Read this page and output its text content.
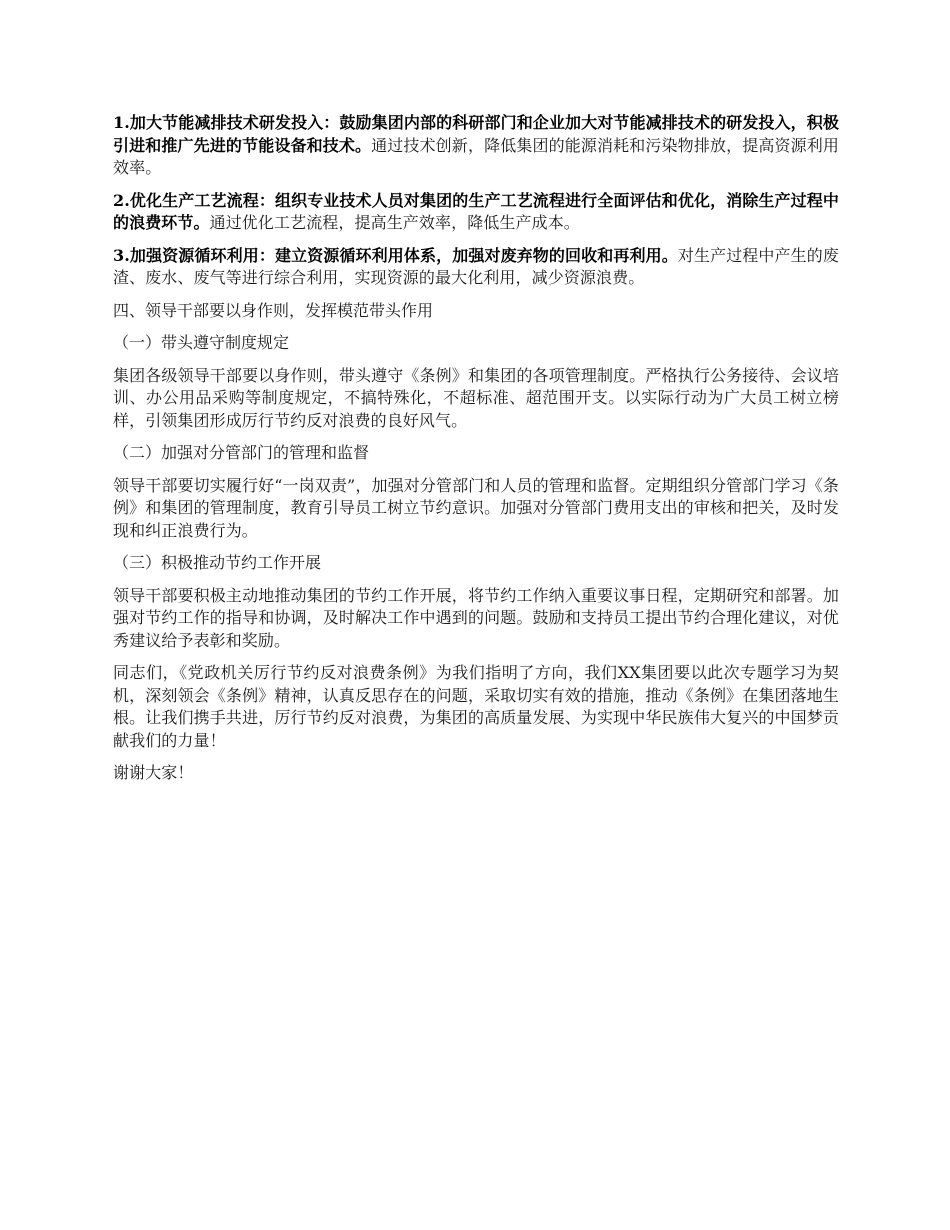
1.加大节能减排技术研发投入：鼓励集团内部的科研部门和企业加大对节能减排技术的研发投入，积极引进和推广先进的节能设备和技术。通过技术创新，降低集团的能源消耗和污染物排放，提高资源利用效率。

2.优化生产工艺流程：组织专业技术人员对集团的生产工艺流程进行全面评估和优化，消除生产过程中的浪费环节。通过优化工艺流程，提高生产效率，降低生产成本。

3.加强资源循环利用：建立资源循环利用体系，加强对废弃物的回收和再利用。对生产过程中产生的废渣、废水、废气等进行综合利用，实现资源的最大化利用，减少资源浪费。

四、领导干部要以身作则，发挥模范带头作用

（一）带头遵守制度规定

集团各级领导干部要以身作则，带头遵守《条例》和集团的各项管理制度。严格执行公务接待、会议培训、办公用品采购等制度规定，不搞特殊化，不超标准、超范围开支。以实际行动为广大员工树立榜样，引领集团形成厉行节约反对浪费的良好风气。

（二）加强对分管部门的管理和监督

领导干部要切实履行好“一岗双责”，加强对分管部门和人员的管理和监督。定期组织分管部门学习《条例》和集团的管理制度，教育引导员工树立节约意识。加强对分管部门费用支出的审核和把关，及时发现和纠正浪费行为。

（三）积极推动节约工作开展

领导干部要积极主动地推动集团的节约工作开展，将节约工作纳入重要议事日程，定期研究和部署。加强对节约工作的指导和协调，及时解决工作中遇到的问题。鼓励和支持员工提出节约合理化建议，对优秀建议给予表彰和奖励。

同志们，《党政机关厉行节约反对浪费条例》为我们指明了方向，我们XX集团要以此次专题学习为契机，深刻领会《条例》精神，认真反思存在的问题，采取切实有效的措施，推动《条例》在集团落地生根。让我们携手共进，厉行节约反对浪费，为集团的高质量发展、为实现中华民族伟大复兴的中国梦贡献我们的力量！

谢谢大家！
